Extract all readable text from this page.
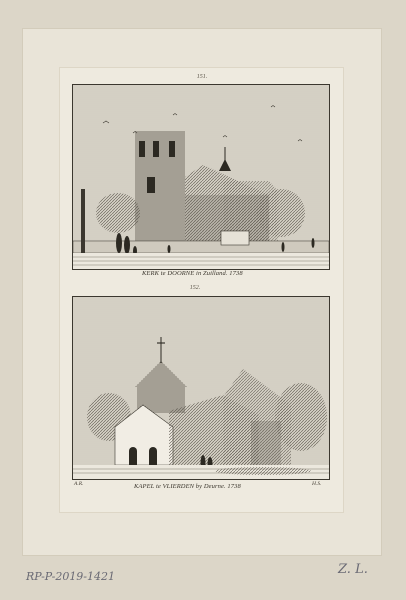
151.
KERK te DOORNE in Zuilland. 1738
152.
A.R.	KAPEL te VLIERDEN by Deurne. 1738	H.S.
RP-P-2019-1421	Z. L.
